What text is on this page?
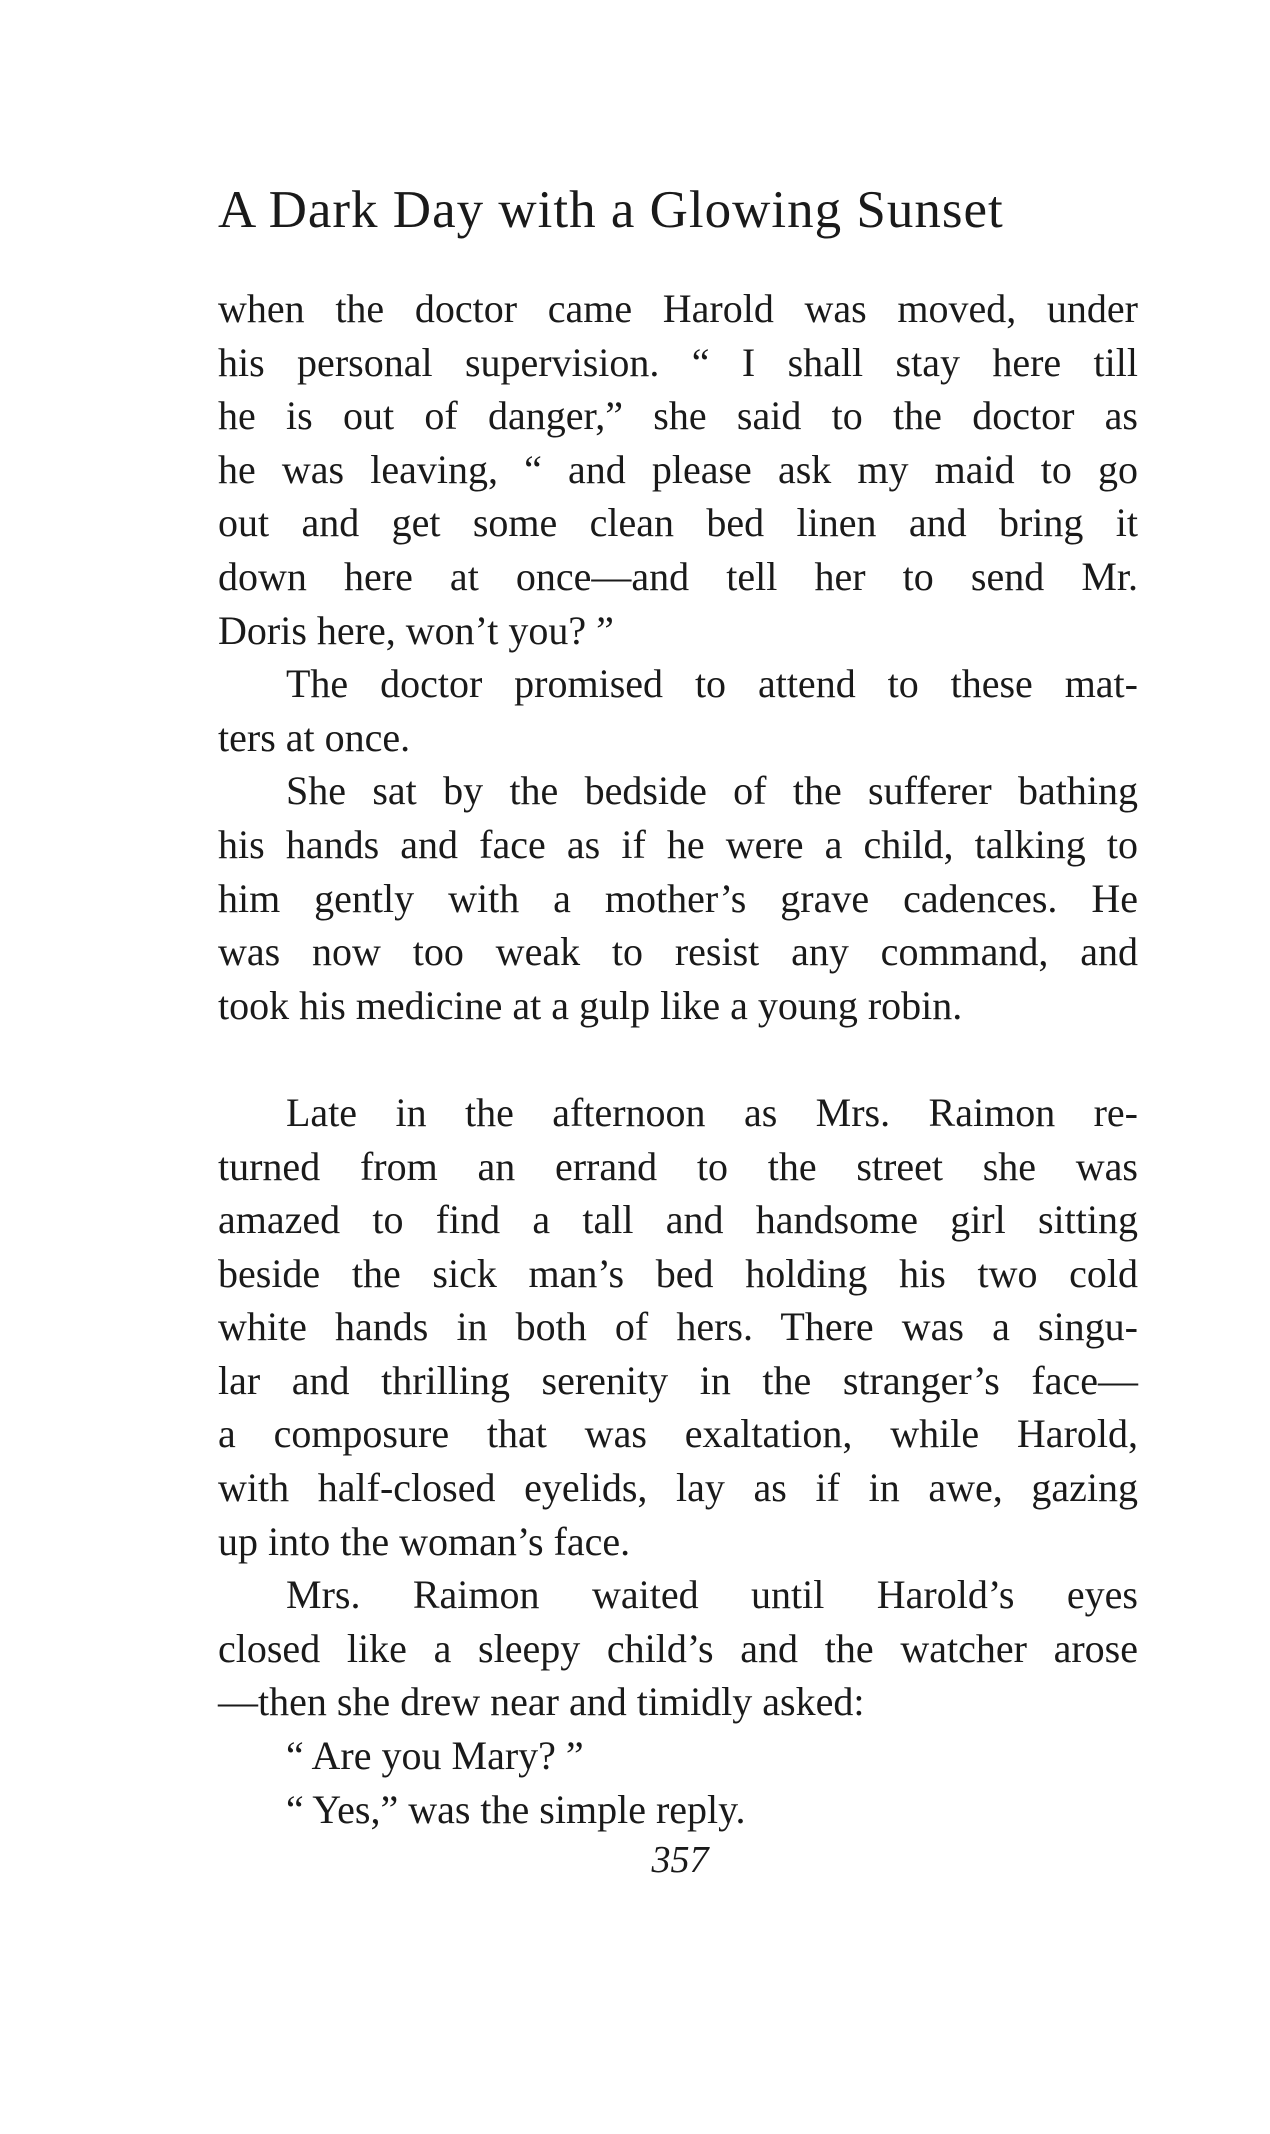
A Dark Day with a Glowing Sunset
when the doctor came Harold was moved, under
his personal supervision. “ I shall stay here till
he is out of danger,” she said to the doctor as
he was leaving, “ and please ask my maid to go
out and get some clean bed linen and bring it
down here at once—and tell her to send Mr.
Doris here, won’t you? ”
The doctor promised to attend to these mat-
ters at once.
She sat by the bedside of the sufferer bathing
his hands and face as if he were a child, talking to
him gently with a mother’s grave cadences. He
was now too weak to resist any command, and
took his medicine at a gulp like a young robin.
Late in the afternoon as Mrs. Raimon re-
turned from an errand to the street she was
amazed to find a tall and handsome girl sitting
beside the sick man’s bed holding his two cold
white hands in both of hers. There was a singu-
lar and thrilling serenity in the stranger’s face—
a composure that was exaltation, while Harold,
with half-closed eyelids, lay as if in awe, gazing
up into the woman’s face.
Mrs. Raimon waited until Harold’s eyes
closed like a sleepy child’s and the watcher arose
—then she drew near and timidly asked:
“ Are you Mary? ”
“ Yes,” was the simple reply.
357
